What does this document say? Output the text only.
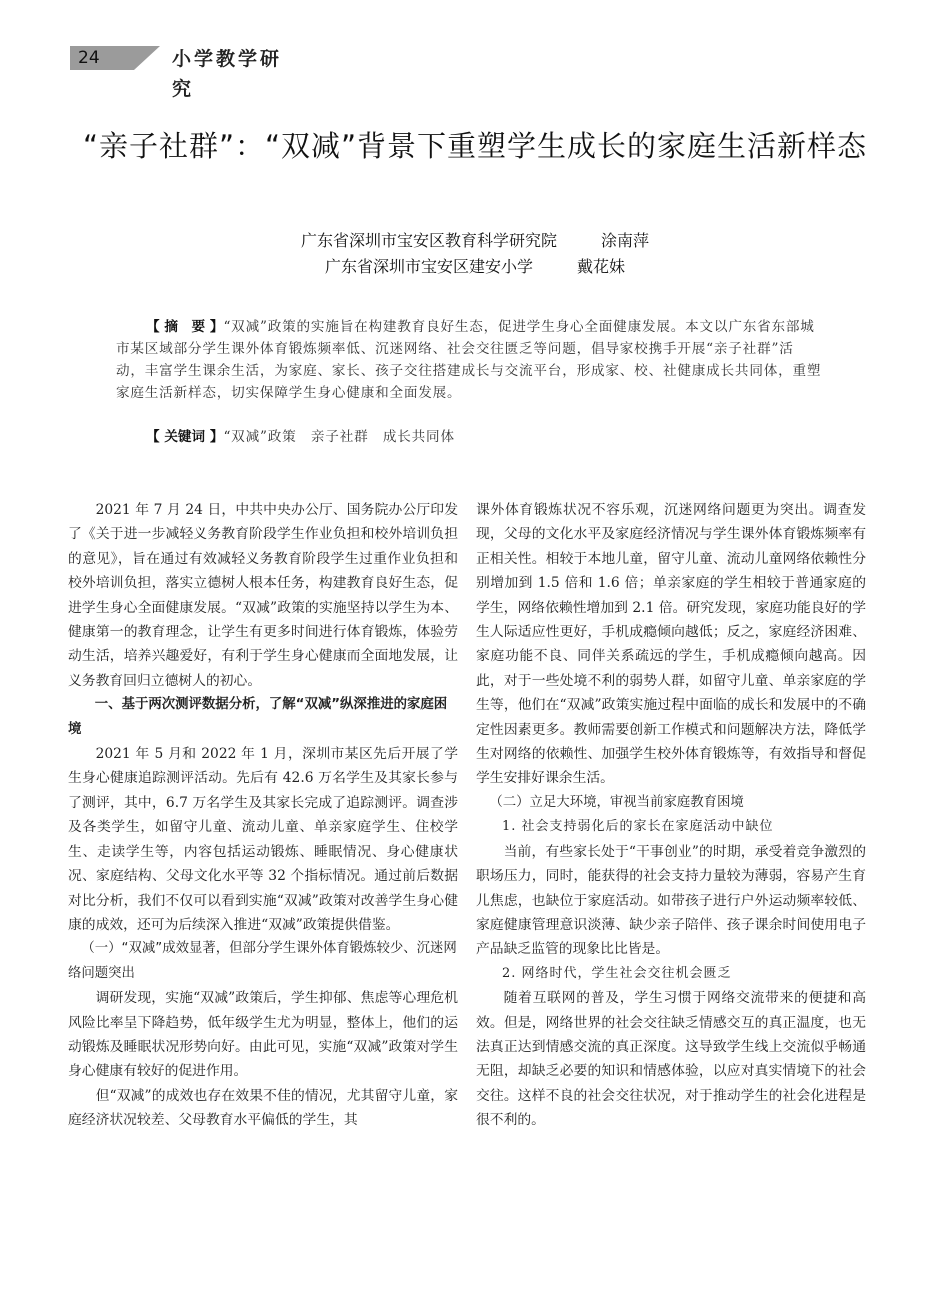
24	小学教学研究
“亲子社群”：“双减”背景下重塑学生成长的家庭生活新样态
广东省深圳市宝安区教育科学研究院	涂南萍
广东省深圳市宝安区建安小学	戴花妹
【 摘　要 】“双减”政策的实施旨在构建教育良好生态，促进学生身心全面健康发展。本文以广东省东部城市某区域部分学生课外体育锻炼频率低、沉迷网络、社会交往匮乏等问题，倡导家校携手开展“亲子社群”活动，丰富学生课余生活，为家庭、家长、孩子交往搭建成长与交流平台，形成家、校、社健康成长共同体，重塑家庭生活新样态，切实保障学生身心健康和全面发展。
【 关键词 】“双减”政策　亲子社群　成长共同体

2021 年 7 月 24 日，中共中央办公厅、国务院办公厅印发了《关于进一步减轻义务教育阶段学生作业负担和校外培训负担的意见》，旨在通过有效减轻义务教育阶段学生过重作业负担和校外培训负担，落实立德树人根本任务，构建教育良好生态，促进学生身心全面健康发展。“双减”政策的实施坚持以学生为本、健康第一的教育理念，让学生有更多时间进行体育锻炼，体验劳动生活，培养兴趣爱好，有利于学生身心健康而全面地发展，让义务教育回归立德树人的初心。

一、基于两次测评数据分析，了解“双减”纵深推进的家庭困境

2021 年 5 月和 2022 年 1 月，深圳市某区先后开展了学生身心健康追踪测评活动。先后有 42.6 万名学生及其家长参与了测评，其中，6.7 万名学生及其家长完成了追踪测评。调查涉及各类学生，如留守儿童、流动儿童、单亲家庭学生、住校学生、走读学生等，内容包括运动锻炼、睡眠情况、身心健康状况、家庭结构、父母文化水平等 32 个指标情况。通过前后数据对比分析，我们不仅可以看到实施“双减”政策对改善学生身心健康的成效，还可为后续深入推进“双减”政策提供借鉴。

（一）“双减”成效显著，但部分学生课外体育锻炼较少、沉迷网络问题突出

调研发现，实施“双减”政策后，学生抑郁、焦虑等心理危机风险比率呈下降趋势，低年级学生尤为明显，整体上，他们的运动锻炼及睡眠状况形势向好。由此可见，实施“双减”政策对学生身心健康有较好的促进作用。

但“双减”的成效也存在效果不佳的情况，尤其留守儿童，家庭经济状况较差、父母教育水平偏低的学生，其

课外体育锻炼状况不容乐观，沉迷网络问题更为突出。调查发现，父母的文化水平及家庭经济情况与学生课外体育锻炼频率有正相关性。相较于本地儿童，留守儿童、流动儿童网络依赖性分别增加到 1.5 倍和 1.6 倍；单亲家庭的学生相较于普通家庭的学生，网络依赖性增加到 2.1 倍。研究发现，家庭功能良好的学生人际适应性更好，手机成瘾倾向越低；反之，家庭经济困难、家庭功能不良、同伴关系疏远的学生，手机成瘾倾向越高。因此，对于一些处境不利的弱势人群，如留守儿童、单亲家庭的学生等，他们在“双减”政策实施过程中面临的成长和发展中的不确定性因素更多。教师需要创新工作模式和问题解决方法，降低学生对网络的依赖性、加强学生校外体育锻炼等，有效指导和督促学生安排好课余生活。

（二）立足大环境，审视当前家庭教育困境
1. 社会支持弱化后的家长在家庭活动中缺位

当前，有些家长处于“干事创业”的时期，承受着竞争激烈的职场压力，同时，能获得的社会支持力量较为薄弱，容易产生育儿焦虑，也缺位于家庭活动。如带孩子进行户外运动频率较低、家庭健康管理意识淡薄、缺少亲子陪伴、孩子课余时间使用电子产品缺乏监管的现象比比皆是。

2. 网络时代，学生社会交往机会匮乏

随着互联网的普及，学生习惯于网络交流带来的便捷和高效。但是，网络世界的社会交往缺乏情感交互的真正温度，也无法真正达到情感交流的真正深度。这导致学生线上交流似乎畅通无阻，却缺乏必要的知识和情感体验，以应对真实情境下的社会交往。这样不良的社会交往状况，对于推动学生的社会化进程是很不利的。
